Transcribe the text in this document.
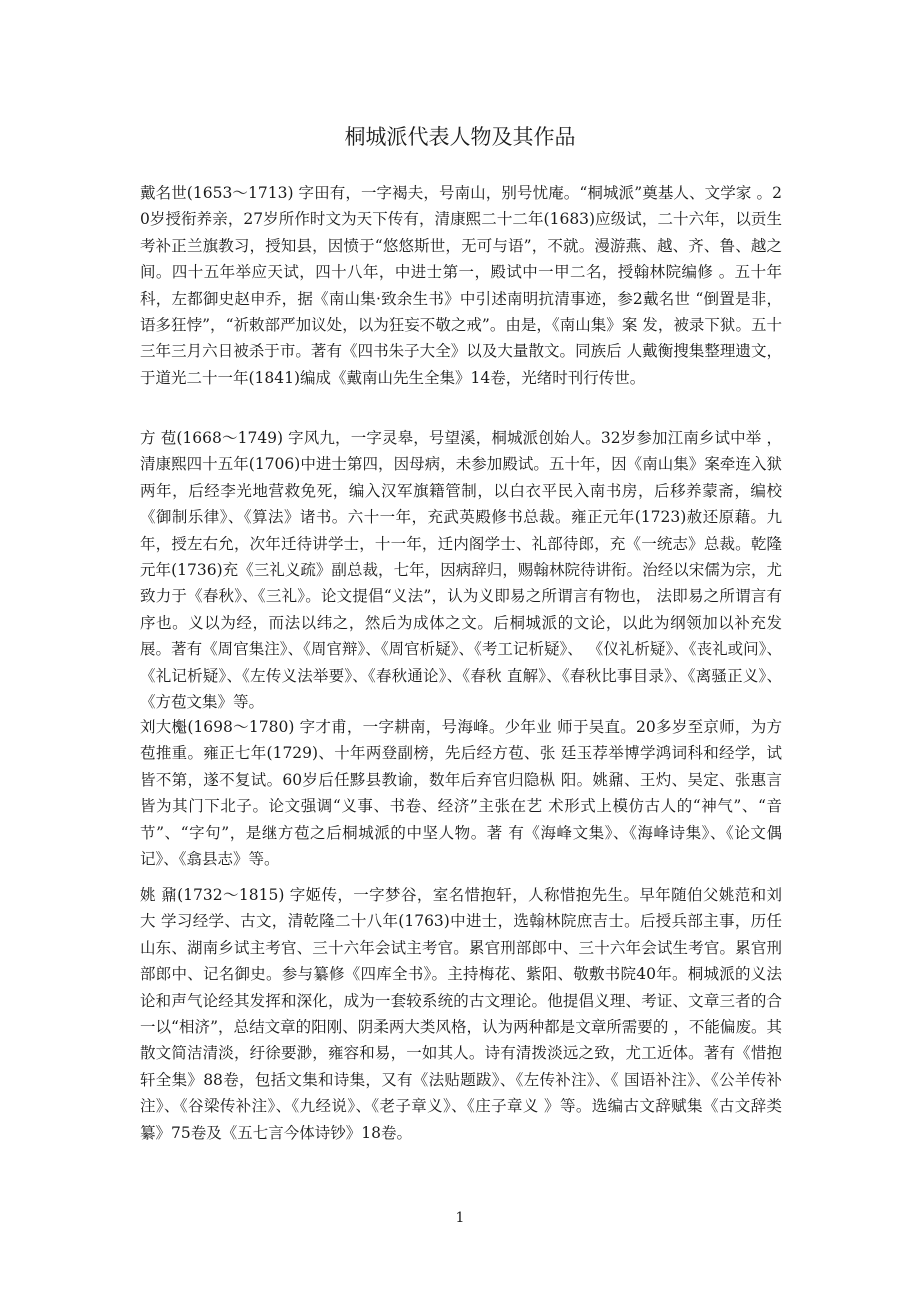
桐城派代表人物及其作品

戴名世(1653～1713) 字田有，一字褐夫，号南山，别号忧庵。“桐城派”奠基人、文学家 。20岁授衔养亲，27岁所作时文为天下传有，清康熙二十二年(1683)应级试，二十六年，以贡生考补正兰旗教习，授知县，因愤于“悠悠斯世，无可与语”，不就。漫游燕、越、齐、鲁、越之间。四十五年举应天试，四十八年，中进士第一，殿试中一甲二名，授翰林院编修 。五十年科，左都御史赵申乔，据《南山集·致余生书》中引述南明抗清事迹，参2戴名世 “倒置是非，语多狂悖”，“祈敕部严加议处，以为狂妄不敬之戒”。由是，《南山集》案 发，被录下狱。五十三年三月六日被杀于市。著有《四书朱子大全》以及大量散文。同族后 人戴衡搜集整理遗文，于道光二十一年(1841)编成《戴南山先生全集》14卷，光绪时刊行传世。

方 苞(1668～1749) 字风九，一字灵皋，号望溪，桐城派创始人。32岁参加江南乡试中举 ，清康熙四十五年(1706)中进士第四，因母病，未参加殿试。五十年，因《南山集》案牵连入狱两年，后经李光地营救免死，编入汉军旗籍管制，以白衣平民入南书房，后移养蒙斋，编校《御制乐律》、《算法》诸书。六十一年，充武英殿修书总裁。雍正元年(1723)赦还原藉。九年，授左右允，次年迁待讲学士，十一年，迁内阁学士、礼部待郎，充《一统志》总裁。乾隆元年(1736)充《三礼义疏》副总裁，七年，因病辞归，赐翰林院待讲衔。治经以宋儒为宗，尤致力于《春秋》、《三礼》。论文提倡“义法”，认为义即易之所谓言有物也， 法即易之所谓言有序也。义以为经，而法以纬之，然后为成体之文。后桐城派的文论，以此为纲领加以补充发展。著有《周官集注》、《周官辩》、《周官析疑》、《考工记析疑》、 《仪礼析疑》、《丧礼或问》、《礼记析疑》、《左传义法举要》、《春秋通论》、《春秋 直解》、《春秋比事目录》、《离骚正义》、《方苞文集》等。

刘大櫆(1698～1780) 字才甫，一字耕南，号海峰。少年业 师于吴直。20多岁至京师，为方苞推重。雍正七年(1729)、十年两登副榜，先后经方苞、张 廷玉荐举博学鸿词科和经学，试皆不第，遂不复试。60岁后任黟县教谕，数年后弃官归隐枞 阳。姚鼐、王灼、吴定、张惠言皆为其门下北子。论文强调“义事、书卷、经济”主张在艺 术形式上模仿古人的“神气”、“音节”、“字句”，是继方苞之后桐城派的中坚人物。著 有《海峰文集》、《海峰诗集》、《论文偶记》、《翕县志》等。

姚 鼐(1732～1815) 字姬传，一字梦谷，室名惜抱轩，人称惜抱先生。早年随伯父姚范和刘大 学习经学、古文，清乾隆二十八年(1763)中进士，选翰林院庶吉士。后授兵部主事，历任山东、湖南乡试主考官、三十六年会试主考官。累官刑部郎中、三十六年会试生考官。累官刑部郎中、记名御史。参与纂修《四库全书》。主持梅花、紫阳、敬敷书院40年。桐城派的义法论和声气论经其发挥和深化，成为一套较系统的古文理论。他提倡义理、考证、文章三者的合一以“相济”，总结文章的阳刚、阴柔两大类风格，认为两种都是文章所需要的 ，不能偏废。其散文简洁清淡，纡徐要渺，雍容和易，一如其人。诗有清拨淡远之致，尤工近体。著有《惜抱轩全集》88卷，包括文集和诗集，又有《法贴题跋》、《左传补注》、《 国语补注》、《公羊传补注》、《谷梁传补注》、《九经说》、《老子章义》、《庄子章义 》等。选编古文辞赋集《古文辞类纂》75卷及《五七言今体诗钞》18卷。

1
